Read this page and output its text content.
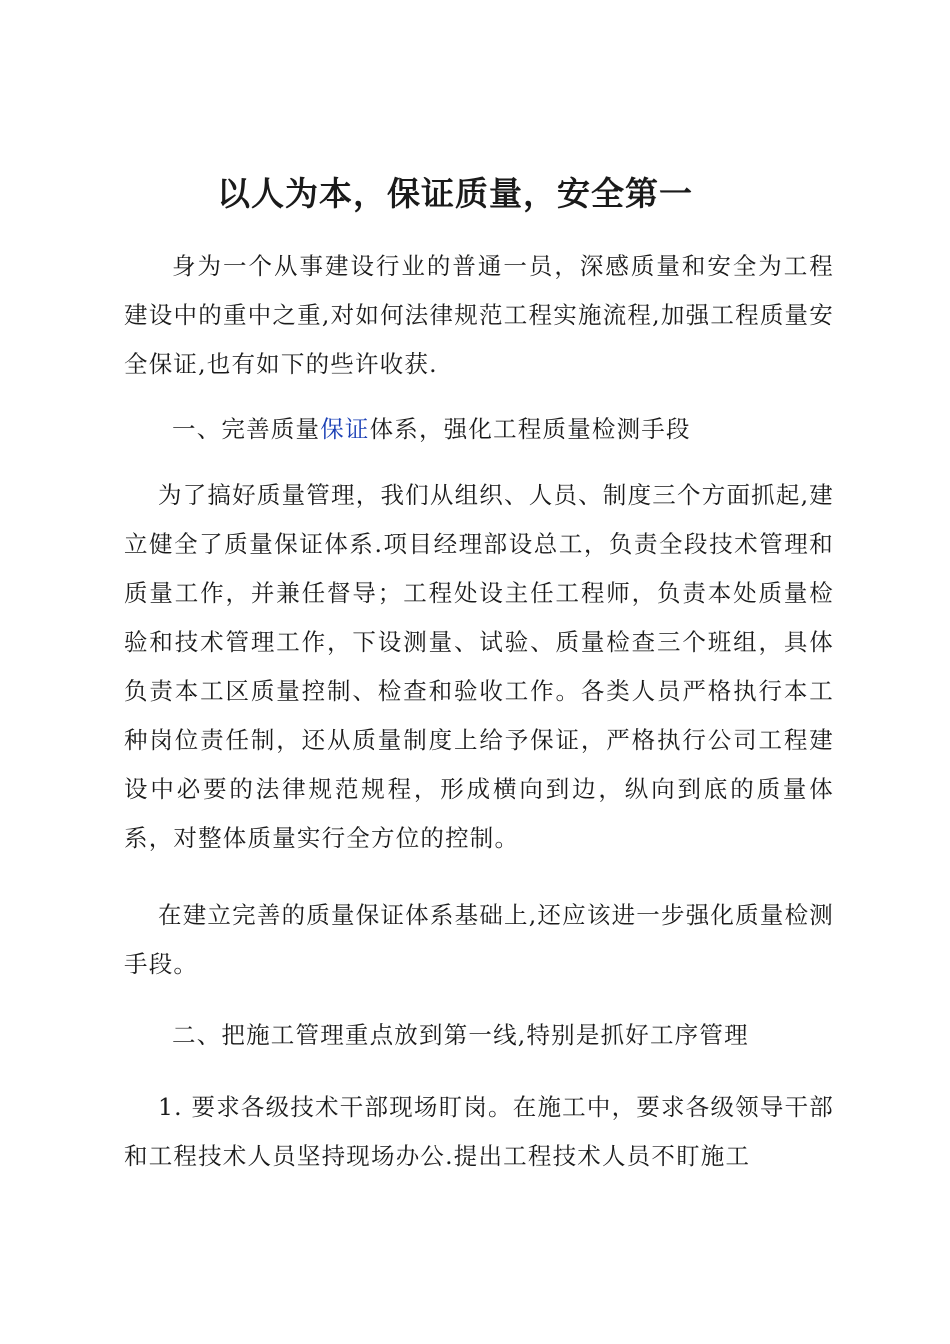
以人为本，保证质量，安全第一

身为一个从事建设行业的普通一员，深感质量和安全为工程建设中的重中之重,对如何法律规范工程实施流程,加强工程质量安全保证,也有如下的些许收获.

一、完善质量保证体系，强化工程质量检测手段

为了搞好质量管理，我们从组织、人员、制度三个方面抓起,建立健全了质量保证体系.项目经理部设总工，负责全段技术管理和质量工作，并兼任督导；工程处设主任工程师，负责本处质量检验和技术管理工作，下设测量、试验、质量检查三个班组，具体负责本工区质量控制、检查和验收工作。各类人员严格执行本工种岗位责任制，还从质量制度上给予保证，严格执行公司工程建设中必要的法律规范规程，形成横向到边，纵向到底的质量体系，对整体质量实行全方位的控制。

在建立完善的质量保证体系基础上,还应该进一步强化质量检测手段。

二、把施工管理重点放到第一线,特别是抓好工序管理

1. 要求各级技术干部现场盯岗。在施工中，要求各级领导干部和工程技术人员坚持现场办公.提出工程技术人员不盯施工
